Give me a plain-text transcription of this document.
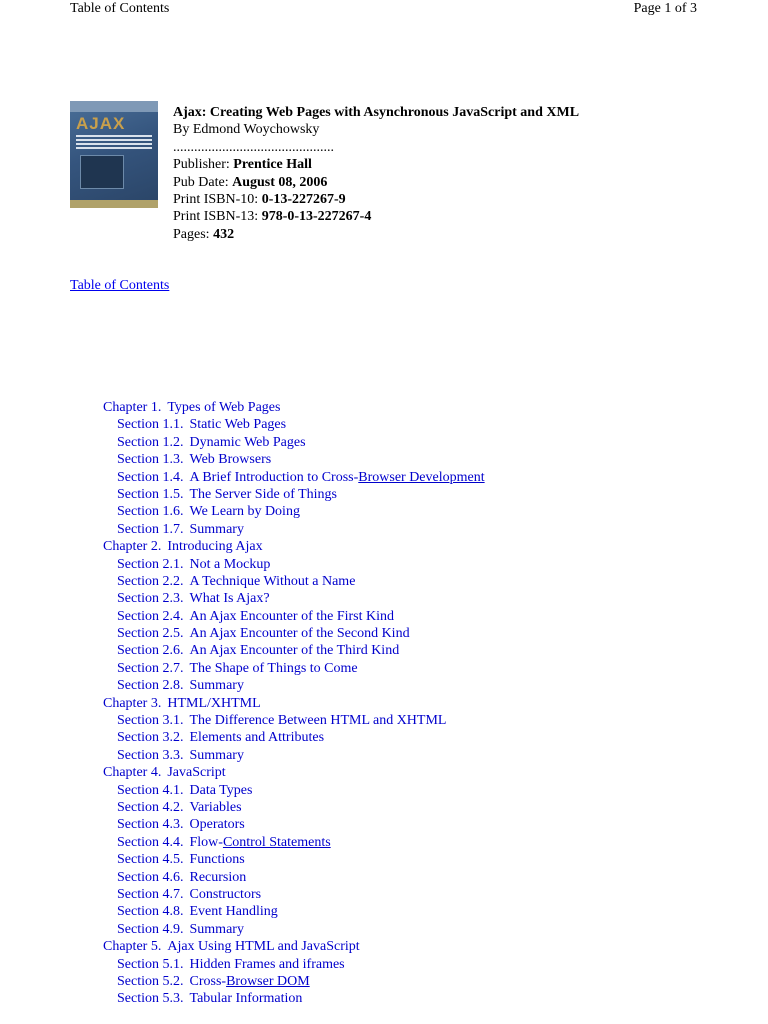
Table of Contents	Page 1 of 3
AJAX
Ajax: Creating Web Pages with Asynchronous JavaScript and XML
By Edmond Woychowsky
..............................................
Publisher: Prentice Hall
Pub Date: August 08, 2006
Print ISBN-10: 0-13-227267-9
Print ISBN-13: 978-0-13-227267-4
Pages: 432
Table of Contents
Chapter 1. Types of Web Pages
Section 1.1. Static Web Pages
Section 1.2. Dynamic Web Pages
Section 1.3. Web Browsers
Section 1.4. A Brief Introduction to Cross-Browser Development
Section 1.5. The Server Side of Things
Section 1.6. We Learn by Doing
Section 1.7. Summary
Chapter 2. Introducing Ajax
Section 2.1. Not a Mockup
Section 2.2. A Technique Without a Name
Section 2.3. What Is Ajax?
Section 2.4. An Ajax Encounter of the First Kind
Section 2.5. An Ajax Encounter of the Second Kind
Section 2.6. An Ajax Encounter of the Third Kind
Section 2.7. The Shape of Things to Come
Section 2.8. Summary
Chapter 3. HTML/XHTML
Section 3.1. The Difference Between HTML and XHTML
Section 3.2. Elements and Attributes
Section 3.3. Summary
Chapter 4. JavaScript
Section 4.1. Data Types
Section 4.2. Variables
Section 4.3. Operators
Section 4.4. Flow-Control Statements
Section 4.5. Functions
Section 4.6. Recursion
Section 4.7. Constructors
Section 4.8. Event Handling
Section 4.9. Summary
Chapter 5. Ajax Using HTML and JavaScript
Section 5.1. Hidden Frames and iframes
Section 5.2. Cross-Browser DOM
Section 5.3. Tabular Information
